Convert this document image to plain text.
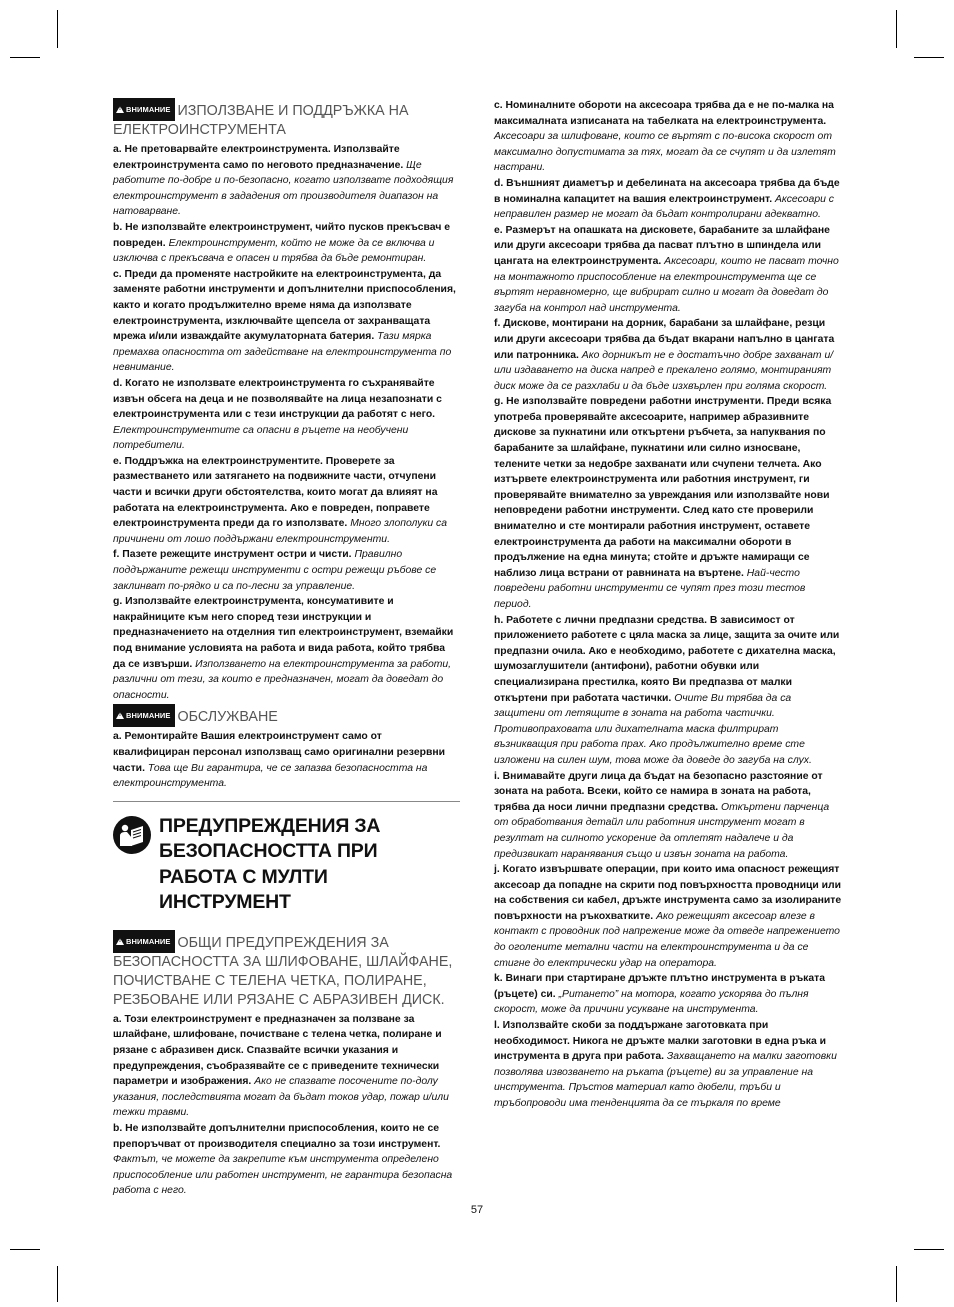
!
ВНИМАНИЕ ИЗПОЛЗВАНЕ И ПОДДРЪЖКА НА ЕЛЕКТРОИНСТРУМЕНТА

a. Не претоварвайте електроинструмента. Използвайте електроинструмента само по неговото предназначение. Ще работите по-добре и по-безопасно, когато използвате подходящия електроинструмент в зададения от производителя диапазон на натоварване.

b. Не използвайте електроинструмент, чийто пусков прекъсвач е повреден. Електроинструмент, който не може да се включва и изключва с прекъсвача е опасен и трябва да бъде ремонтиран.

c. Преди да променяте настройките на електроинструмента, да заменяте работни инструменти и допълнителни приспособления, както и когато продължително време няма да използвате електроинструмента, изключвайте щепсела от захранващата мрежа и/или изваждайте акумулаторната батерия. Тази мярка премахва опасността от задействане на електроинструмента по невнимание.

d. Когато не използвате електроинструмента го съхранявайте извън обсега на деца и не позволявайте на лица незапознати с електроинструмента или с тези инструкции да работят с него. Електроинструментите са опасни в ръцете на необучени потребители.

e. Поддръжка на електроинструментите. Проверете за разместването или затягането на подвижните части, отчупени части и всички други обстоятелства, които могат да влияят на работата на електроинструмента. Ако е повреден, поправете електроинструмента преди да го използвате. Много злополуки са причинени от лошо поддържани електроинструменти.

f. Пазете режещите инструмент остри и чисти. Правилно поддържаните режещи инструменти с остри режещи ръбове се заклинват по-рядко и са по-лесни за управление.

g. Използвайте електроинструмента, консумативите и накрайниците към него според тези инструкции и предназначението на отделния тип електроинструмент, вземайки под внимание условията на работа и вида работа, който трябва да се извърши. Използването на електроинструмента за работи, различни от тези, за които е предназначен, могат да доведат до опасности.

!
ВНИМАНИЕ ОБСЛУЖВАНЕ

a. Ремонтирайте Вашия електроинструмент само от квалифициран персонал използващ само оригинални резервни части. Това ще Ви гарантира, че се запазва безопасността на електроинструмента.

ПРЕДУПРЕЖДЕНИЯ ЗА БЕЗОПАСНОСТТА ПРИ РАБОТА С МУЛТИ ИНСТРУМЕНТ
!
ВНИМАНИЕ ОБЩИ ПРЕДУПРЕЖДЕНИЯ ЗА БЕЗОПАСНОСТТА ЗА ШЛИФОВАНЕ, ШЛАЙФАНЕ, ПОЧИСТВАНЕ С ТЕЛЕНА ЧЕТКА, ПОЛИРАНЕ, РЕЗБОВАНЕ ИЛИ РЯЗАНЕ С АБРАЗИВЕН ДИСК.

a. Този електроинструмент е предназначен за ползване за шлайфане, шлифоване, почистване с телена четка, полиране и рязане с абразивен диск. Спазвайте всички указания и предупреждения, съобразявайте се с приведените технически параметри и изображения. Ако не спазвате посочените по-долу указания, последствията могат да бъдат токов удар, пожар и/или тежки травми.

b. Не използвайте допълнителни приспособления, които не се препоръчват от производителя специално за този инструмент. Фактът, че можете да закрепите към инструмента определено приспособление или работен инструмент, не гарантира безопасна работа с него.

c. Номиналните обороти на аксесоара трябва да е не по-малка на максималната изписаната на табелката на електроинструмента. Аксесоари за шлифоване, които се въртят с по-висока скорост от максимално допустимата за тях, могат да се счупят и да излетят настрани.

d. Външният диаметър и дебелината на аксесоара трябва да бъде в номинална капацитет на вашия електроинструмент. Аксесоари с неправилен размер не могат да бъдат контролирани адекватно.

e. Размерът на опашката на дисковете, барабаните за шлайфане или други аксесоари трябва да пасват плътно в шпиндела или цангата на електроинструмента. Аксесоари, които не пасват точно на монтажното приспособление на електроинструмента ще се въртят неравномерно, ще вибрират силно и могат да доведат до загуба на контрол над инструмента.

f. Дискове, монтирани на дорник, барабани за шлайфане, резци или други аксесоари трябва да бъдат вкарани напълно в цангата или патронника. Ако дорникът не е достатъчно добре захванат и/или издаването на диска напред е прекалено голямо, монтираният диск може да се разхлаби и да бъде изхвърлен при голяма скорост.

g. Не използвайте повредени работни инструменти. Преди всяка употреба проверявайте аксесоарите, например абразивните дискове за пукнатини или откъртени ръбчета, за напуквания по барабаните за шлайфане, пукнатини или силно износване, телените четки за недобре захванати или счупени телчета. Ако изтървете електроинструмента или работния инструмент, ги проверявайте внимателно за увреждания или използвайте нови неповредени работни инструменти. След като сте проверили внимателно и сте монтирали работния инструмент, оставете електроинструмента да работи на максимални обороти в продължение на една минута; стойте и дръжте намиращи се наблизо лица встрани от равнината на въртене. Най-често повредени работни инструменти се чупят през този тестов период.

h. Работете с лични предпазни средства. В зависимост от приложението работете с цяла маска за лице, защита за очите или предпазни очила. Ако е необходимо, работете с дихателна маска, шумозаглушители (антифони), работни обувки или специализирана престилка, която Ви предпазва от малки откъртени при работата частички. Очите Ви трябва да са защитени от летящите в зоната на работа частички. Противопраховата или дихателната маска филтрират възникващия при работа прах. Ако продължително време сте изложени на силен шум, това може да доведе до загуба на слух.

i. Внимавайте други лица да бъдат на безопасно разстояние от зоната на работа. Всеки, който се намира в зоната на работа, трябва да носи лични предпазни средства. Откъртени парченца от обработвания детайл или работния инструмент могат в резултат на силното ускорение да отлетят надалече и да предизвикат наранявания също и извън зоната на работа.

j. Когато извършвате операции, при които има опасност режещият аксесоар да попадне на скрити под повърхността проводници или на собствения си кабел, дръжте инструмента само за изолираните повърхности на ръкохватките. Ако режещият аксесоар влезе в контакт с проводник под напрежение може да отведе напрежението до оголените метални части на електроинструмента и да се стигне до електрически удар на оператора.

k. Винаги при стартиране дръжте плътно инструмента в ръката (ръцете) си. „Ритането” на мотора, когато ускорява до пълня скорост, може да причини усукване на инструмента.

l. Използвайте скоби за поддържане заготовката при необходимост. Никога не дръжте малки заготовки в една ръка и инструмента в друга при работа. Захващането на малки заготовки позволява извозването на ръката (ръцете) ви за управление на инструмента. Пръстов материал като дюбели, тръби и тръбопроводи има тенденцията да се търкаля по време

57
